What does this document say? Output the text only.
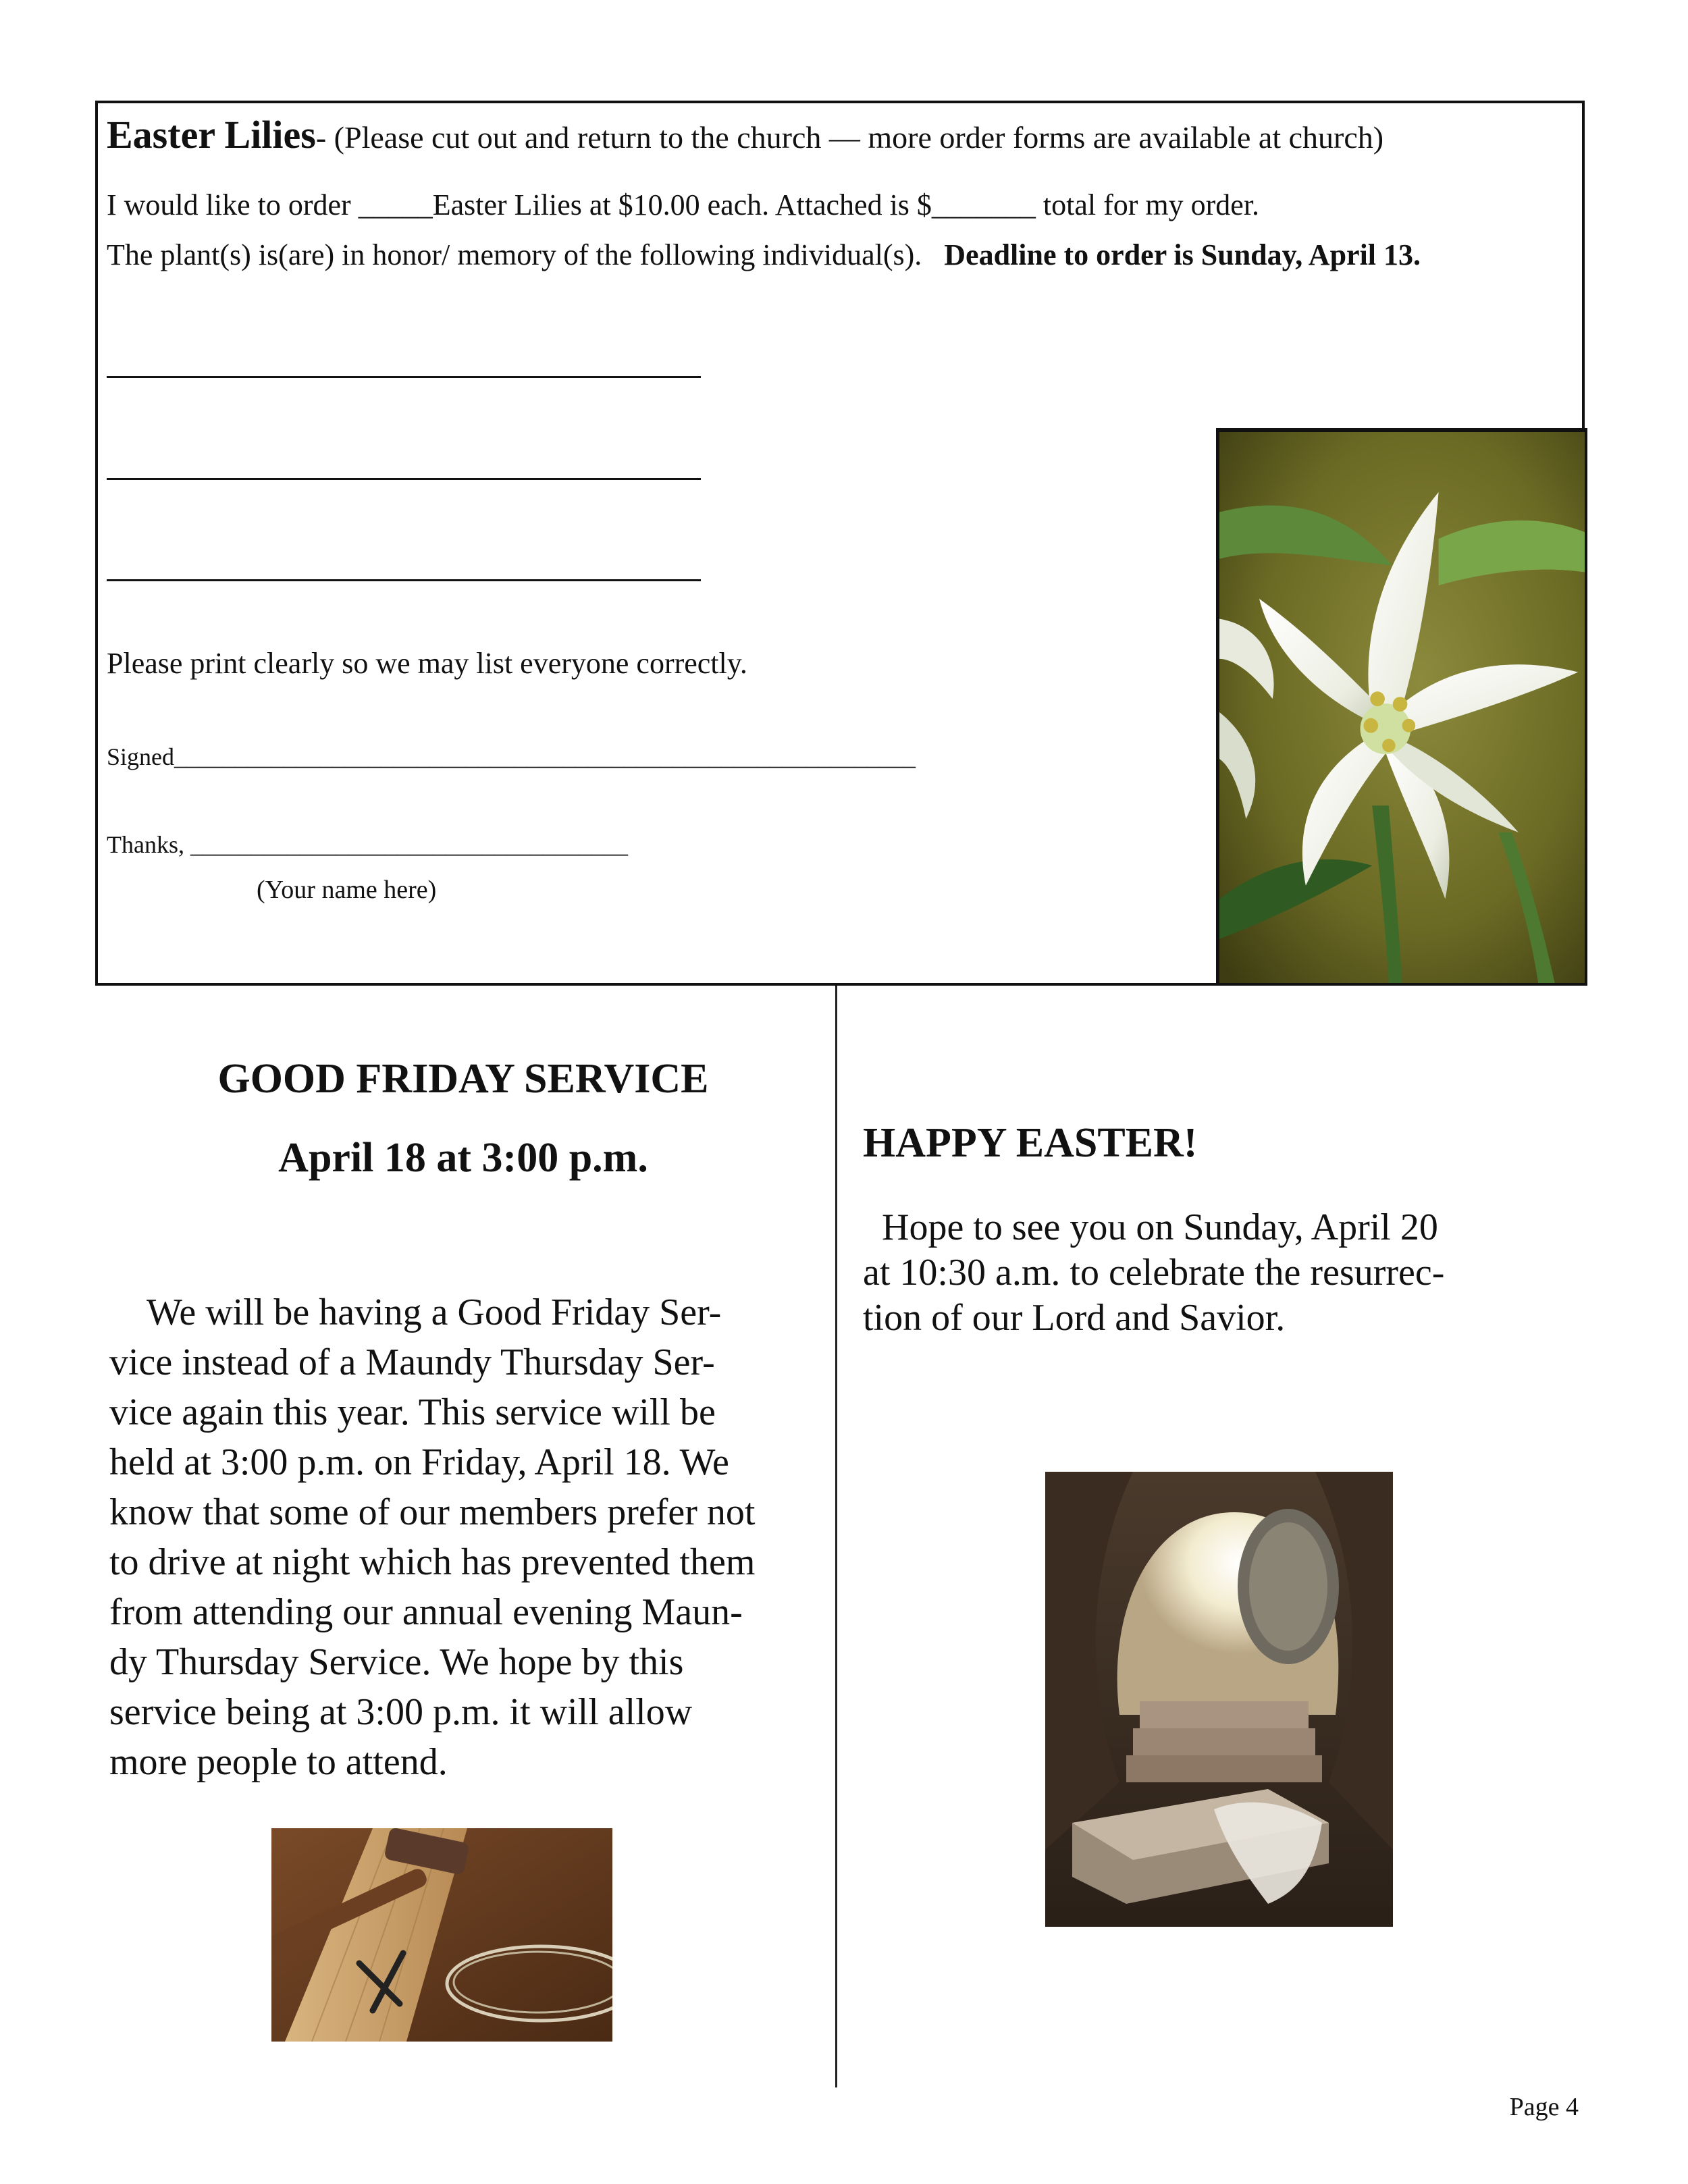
Easter Lilies- (Please cut out and return to the church — more order forms are available at church)
I would like to order _____Easter Lilies at $10.00 each. Attached is $_______ total for my order.
The plant(s) is(are) in honor/ memory of the following individual(s). Deadline to order is Sunday, April 13.
Please print clearly so we may list everyone correctly.
Signed_____________________________________________________________
Thanks, ____________________________________
(Your name here)
GOOD FRIDAY SERVICE
April 18 at 3:00 p.m.
We will be having a Good Friday Ser-
vice instead of a Maundy Thursday Ser-
vice again this year. This service will be
held at 3:00 p.m. on Friday, April 18. We
know that some of our members prefer not
to drive at night which has prevented them
from attending our annual evening Maun-
dy Thursday Service. We hope by this
service being at 3:00 p.m. it will allow
more people to attend.
HAPPY EASTER!
Hope to see you on Sunday, April 20
at 10:30 a.m. to celebrate the resurrec-
tion of our Lord and Savior.
Page 4
